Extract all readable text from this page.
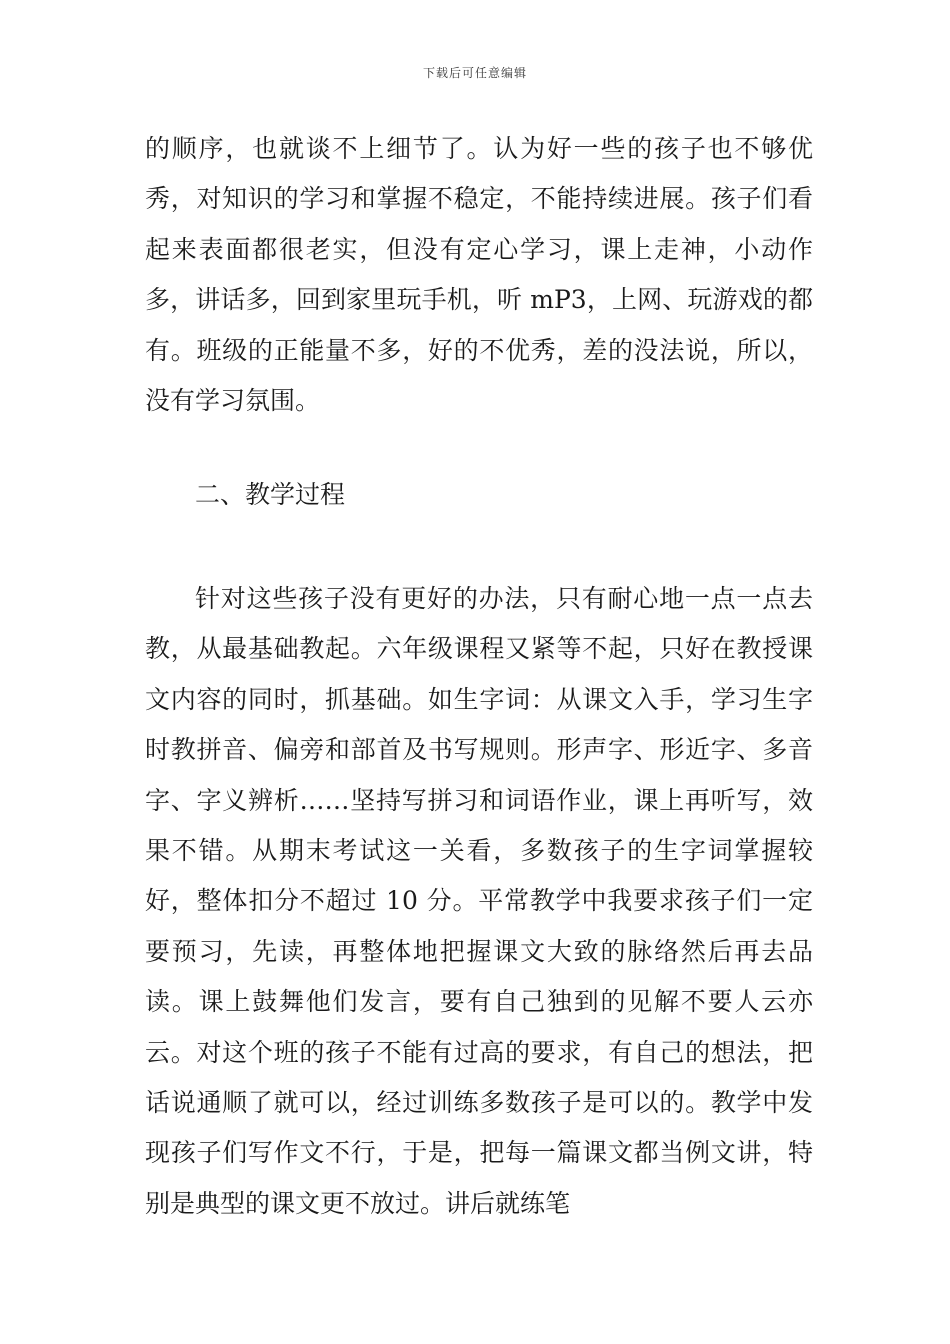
下载后可任意编辑

的顺序，也就谈不上细节了。认为好一些的孩子也不够优秀，对知识的学习和掌握不稳定，不能持续进展。孩子们看起来表面都很老实，但没有定心学习，课上走神，小动作多，讲话多，回到家里玩手机，听 mP3，上网、玩游戏的都有。班级的正能量不多，好的不优秀，差的没法说，所以，没有学习氛围。

二、教学过程

针对这些孩子没有更好的办法，只有耐心地一点一点去教，从最基础教起。六年级课程又紧等不起，只好在教授课文内容的同时，抓基础。如生字词：从课文入手，学习生字时教拼音、偏旁和部首及书写规则。形声字、形近字、多音字、字义辨析……坚持写拼习和词语作业，课上再听写，效果不错。从期末考试这一关看，多数孩子的生字词掌握较好，整体扣分不超过 10 分。平常教学中我要求孩子们一定要预习，先读，再整体地把握课文大致的脉络然后再去品读。课上鼓舞他们发言，要有自己独到的见解不要人云亦云。对这个班的孩子不能有过高的要求，有自己的想法，把话说通顺了就可以，经过训练多数孩子是可以的。教学中发现孩子们写作文不行，于是，把每一篇课文都当例文讲，特别是典型的课文更不放过。讲后就练笔
